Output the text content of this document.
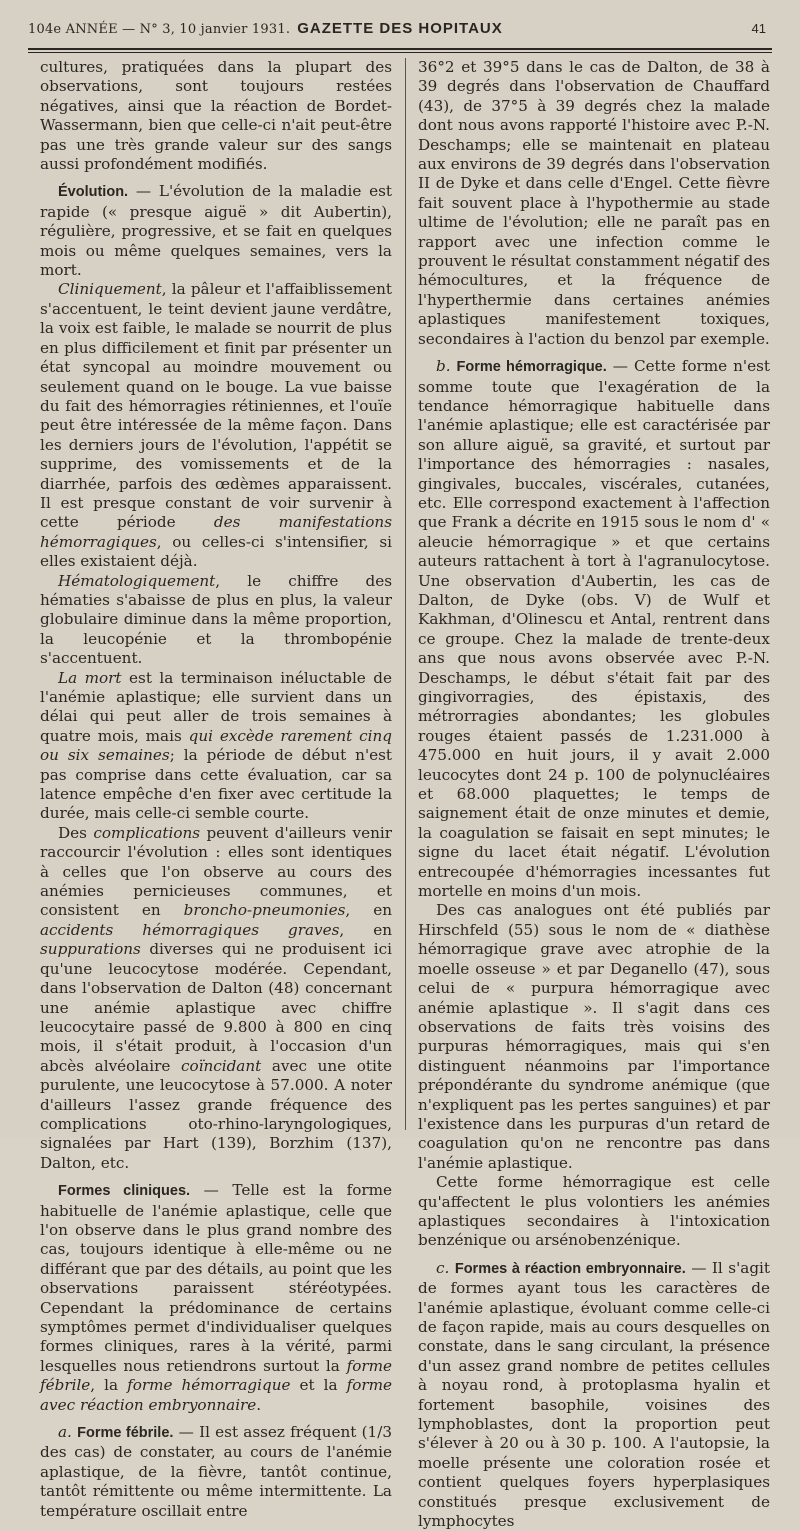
104e ANNÉE — N° 3, 10 janvier 1931. GAZETTE DES HOPITAUX	41

cultures, pratiquées dans la plupart des observations, sont toujours restées négatives, ainsi que la réaction de Bordet-Wassermann, bien que celle-ci n'ait peut-être pas une très grande valeur sur des sangs aussi profondément modifiés.

Évolution. — L'évolution de la maladie est rapide (« presque aiguë » dit Aubertin), régulière, progressive, et se fait en quelques mois ou même quelques semaines, vers la mort.

Cliniquement, la pâleur et l'affaiblissement s'accentuent, le teint devient jaune verdâtre, la voix est faible, le malade se nourrit de plus en plus difficilement et finit par présenter un état syncopal au moindre mouvement ou seulement quand on le bouge. La vue baisse du fait des hémorragies rétiniennes, et l'ouïe peut être intéressée de la même façon. Dans les derniers jours de l'évolution, l'appétit se supprime, des vomissements et de la diarrhée, parfois des œdèmes apparaissent. Il est presque constant de voir survenir à cette période des manifestations hémorragiques, ou celles-ci s'intensifier, si elles existaient déjà.

Hématologiquement, le chiffre des hématies s'abaisse de plus en plus, la valeur globulaire diminue dans la même proportion, la leucopénie et la thrombopénie s'accentuent.

La mort est la terminaison inéluctable de l'anémie aplastique; elle survient dans un délai qui peut aller de trois semaines à quatre mois, mais qui excède rarement cinq ou six semaines; la période de début n'est pas comprise dans cette évaluation, car sa latence empêche d'en fixer avec certitude la durée, mais celle-ci semble courte.

Des complications peuvent d'ailleurs venir raccourcir l'évolution : elles sont identiques à celles que l'on observe au cours des anémies pernicieuses communes, et consistent en broncho-pneumonies, en accidents hémorragiques graves, en suppurations diverses qui ne produisent ici qu'une leucocytose modérée. Cependant, dans l'observation de Dalton (48) concernant une anémie aplastique avec chiffre leucocytaire passé de 9.800 à 800 en cinq mois, il s'était produit, à l'occasion d'un abcès alvéolaire coïncidant avec une otite purulente, une leucocytose à 57.000. A noter d'ailleurs l'assez grande fréquence des complications oto-rhino-laryngologiques, signalées par Hart (139), Borzhim (137), Dalton, etc.

Formes cliniques. — Telle est la forme habituelle de l'anémie aplastique, celle que l'on observe dans le plus grand nombre des cas, toujours identique à elle-même ou ne différant que par des détails, au point que les observations paraissent stéréotypées. Cependant la prédominance de certains symptômes permet d'individualiser quelques formes cliniques, rares à la vérité, parmi lesquelles nous retiendrons surtout la forme fébrile, la forme hémorragique et la forme avec réaction embryonnaire.

a. Forme fébrile. — Il est assez fréquent (1/3 des cas) de constater, au cours de l'anémie aplastique, de la fièvre, tantôt continue, tantôt rémittente ou même intermittente. La température oscillait entre

36°2 et 39°5 dans le cas de Dalton, de 38 à 39 degrés dans l'observation de Chauffard (43), de 37°5 à 39 degrés chez la malade dont nous avons rapporté l'histoire avec P.-N. Deschamps; elle se maintenait en plateau aux environs de 39 degrés dans l'observation II de Dyke et dans celle d'Engel. Cette fièvre fait souvent place à l'hypothermie au stade ultime de l'évolution; elle ne paraît pas en rapport avec une infection comme le prouvent le résultat constamment négatif des hémocultures, et la fréquence de l'hyperthermie dans certaines anémies aplastiques manifestement toxiques, secondaires à l'action du benzol par exemple.

b. Forme hémorragique. — Cette forme n'est somme toute que l'exagération de la tendance hémorragique habituelle dans l'anémie aplastique; elle est caractérisée par son allure aiguë, sa gravité, et surtout par l'importance des hémorragies : nasales, gingivales, buccales, viscérales, cutanées, etc. Elle correspond exactement à l'affection que Frank a décrite en 1915 sous le nom d' « aleucie hémorragique » et que certains auteurs rattachent à tort à l'agranulocytose. Une observation d'Aubertin, les cas de Dalton, de Dyke (obs. V) de Wulf et Kakhman, d'Olinescu et Antal, rentrent dans ce groupe. Chez la malade de trente-deux ans que nous avons observée avec P.-N. Deschamps, le début s'était fait par des gingivorragies, des épistaxis, des métrorragies abondantes; les globules rouges étaient passés de 1.231.000 à 475.000 en huit jours, il y avait 2.000 leucocytes dont 24 p. 100 de polynucléaires et 68.000 plaquettes; le temps de saignement était de onze minutes et demie, la coagulation se faisait en sept minutes; le signe du lacet était négatif. L'évolution entrecoupée d'hémorragies incessantes fut mortelle en moins d'un mois.

Des cas analogues ont été publiés par Hirschfeld (55) sous le nom de « diathèse hémorragique grave avec atrophie de la moelle osseuse » et par Deganello (47), sous celui de « purpura hémorragique avec anémie aplastique ». Il s'agit dans ces observations de faits très voisins des purpuras hémorragiques, mais qui s'en distinguent néanmoins par l'importance prépondérante du syndrome anémique (que n'expliquent pas les pertes sanguines) et par l'existence dans les purpuras d'un retard de coagulation qu'on ne rencontre pas dans l'anémie aplastique.

Cette forme hémorragique est celle qu'affectent le plus volontiers les anémies aplastiques secondaires à l'intoxication benzénique ou arsénobenzénique.

c. Formes à réaction embryonnaire. — Il s'agit de formes ayant tous les caractères de l'anémie aplastique, évoluant comme celle-ci de façon rapide, mais au cours desquelles on constate, dans le sang circulant, la présence d'un assez grand nombre de petites cellules à noyau rond, à protoplasma hyalin et fortement basophile, voisines des lymphoblastes, dont la proportion peut s'élever à 20 ou à 30 p. 100. A l'autopsie, la moelle présente une coloration rosée et contient quelques foyers hyperplasiques constitués presque exclusivement de lymphocytes
